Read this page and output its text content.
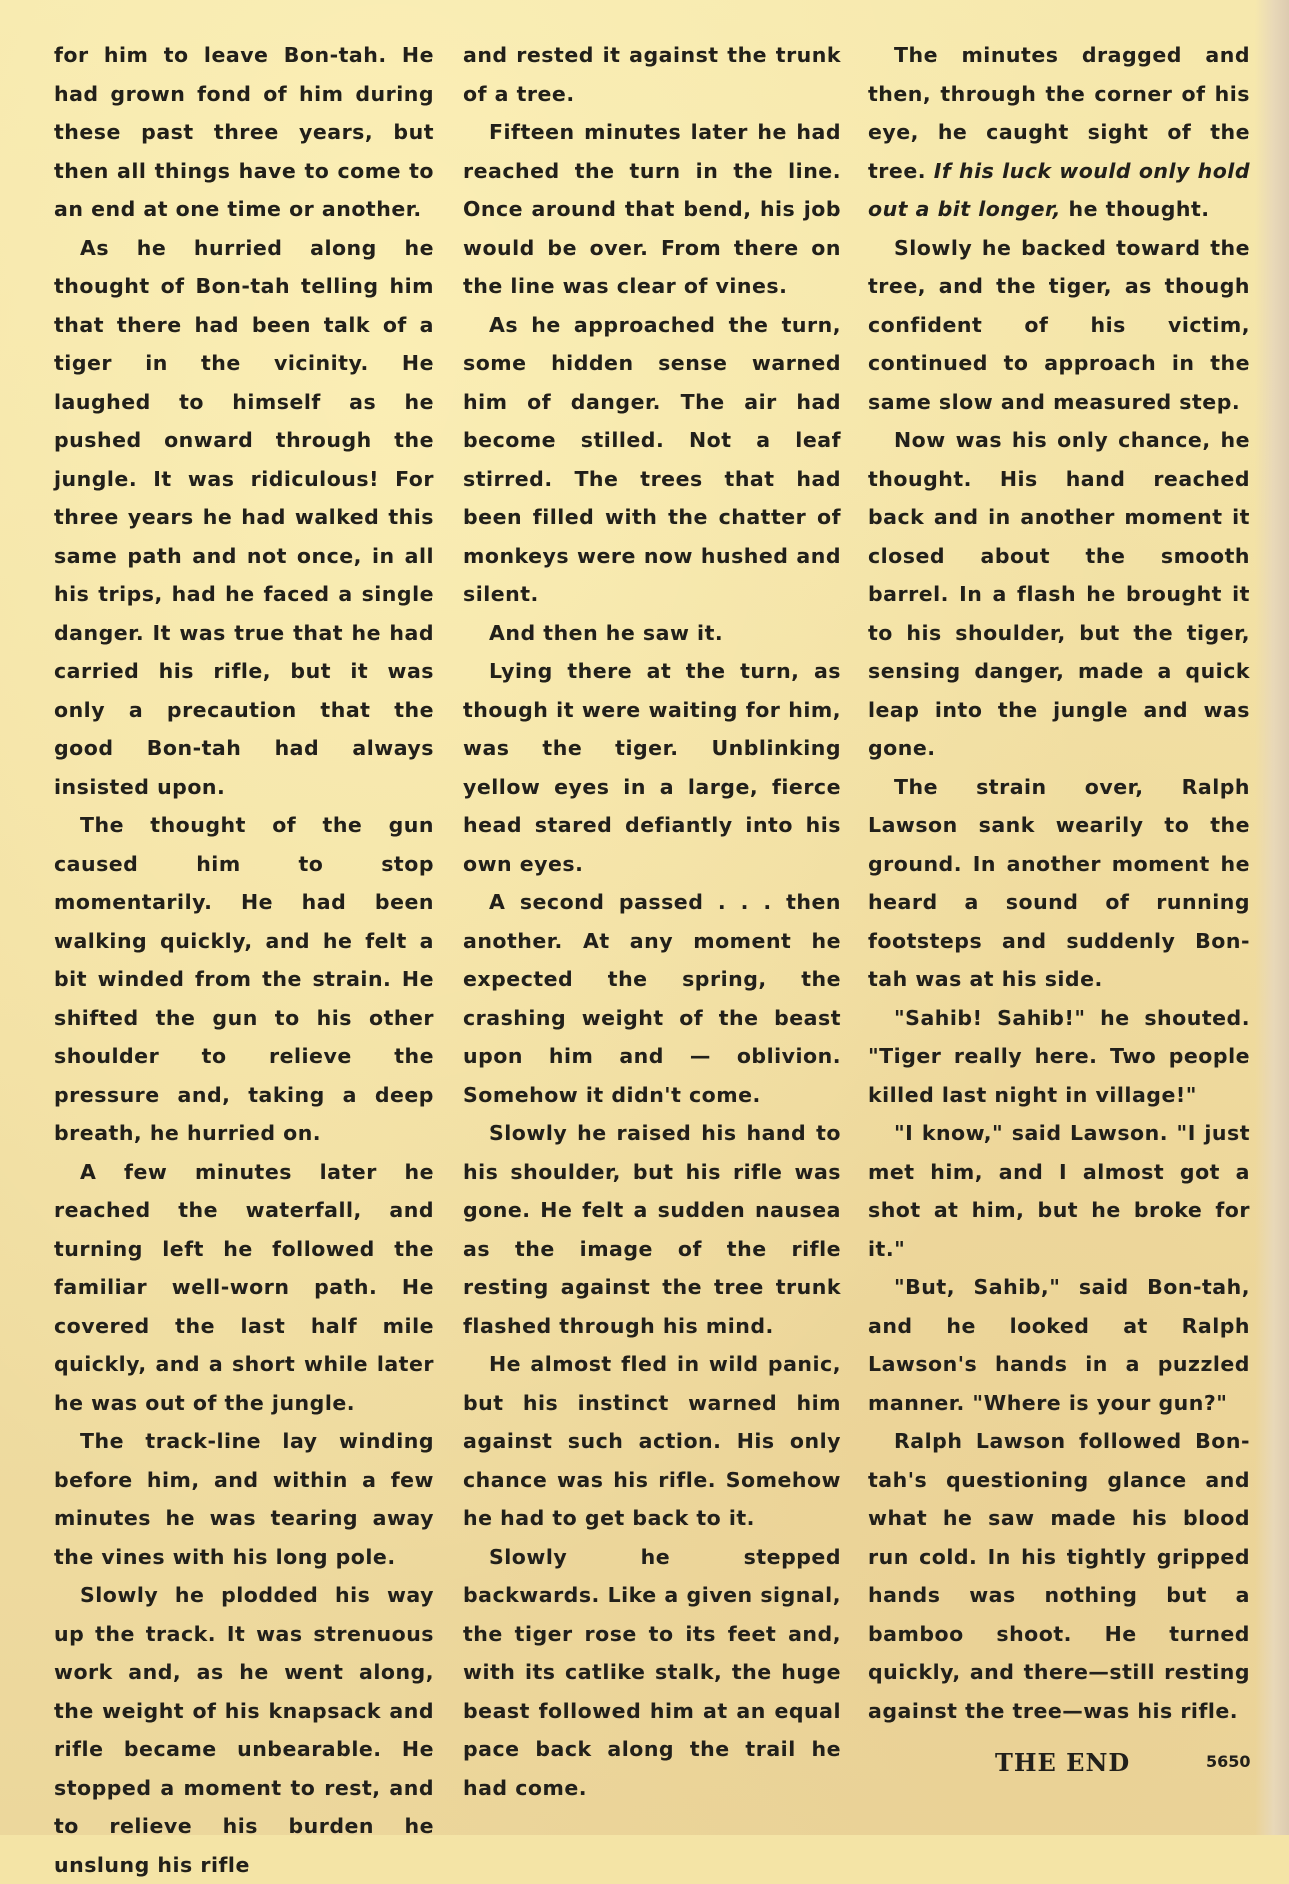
for him to leave Bon-tah. He had grown fond of him during these past three years, but then all things have to come to an end at one time or another.

As he hurried along he thought of Bon-tah telling him that there had been talk of a tiger in the vicinity. He laughed to himself as he pushed onward through the jungle. It was ridiculous! For three years he had walked this same path and not once, in all his trips, had he faced a single danger. It was true that he had carried his rifle, but it was only a precaution that the good Bon-tah had always insisted upon.

The thought of the gun caused him to stop momentarily. He had been walking quickly, and he felt a bit winded from the strain. He shifted the gun to his other shoulder to relieve the pressure and, taking a deep breath, he hurried on.

A few minutes later he reached the waterfall, and turning left he followed the familiar well-worn path. He covered the last half mile quickly, and a short while later he was out of the jungle.

The track-line lay winding before him, and within a few minutes he was tearing away the vines with his long pole.

Slowly he plodded his way up the track. It was strenuous work and, as he went along, the weight of his knapsack and rifle became unbearable. He stopped a moment to rest, and to relieve his burden he unslung his rifle

and rested it against the trunk of a tree.

Fifteen minutes later he had reached the turn in the line. Once around that bend, his job would be over. From there on the line was clear of vines.

As he approached the turn, some hidden sense warned him of danger. The air had become stilled. Not a leaf stirred. The trees that had been filled with the chatter of monkeys were now hushed and silent.

And then he saw it.

Lying there at the turn, as though it were waiting for him, was the tiger. Unblinking yellow eyes in a large, fierce head stared defiantly into his own eyes.

A second passed . . . then another. At any moment he expected the spring, the crashing weight of the beast upon him and — oblivion. Somehow it didn't come.

Slowly he raised his hand to his shoulder, but his rifle was gone. He felt a sudden nausea as the image of the rifle resting against the tree trunk flashed through his mind.

He almost fled in wild panic, but his instinct warned him against such action. His only chance was his rifle. Somehow he had to get back to it.

Slowly he stepped backwards. Like a given signal, the tiger rose to its feet and, with its catlike stalk, the huge beast followed him at an equal pace back along the trail he had come.

The minutes dragged and then, through the corner of his eye, he caught sight of the tree. If his luck would only hold out a bit longer, he thought.

Slowly he backed toward the tree, and the tiger, as though confident of his victim, continued to approach in the same slow and measured step.

Now was his only chance, he thought. His hand reached back and in another moment it closed about the smooth barrel. In a flash he brought it to his shoulder, but the tiger, sensing danger, made a quick leap into the jungle and was gone.

The strain over, Ralph Lawson sank wearily to the ground. In another moment he heard a sound of running footsteps and suddenly Bon-tah was at his side.

"Sahib! Sahib!" he shouted. "Tiger really here. Two people killed last night in village!"

"I know," said Lawson. "I just met him, and I almost got a shot at him, but he broke for it."

"But, Sahib," said Bon-tah, and he looked at Ralph Lawson's hands in a puzzled manner. "Where is your gun?"

Ralph Lawson followed Bon-tah's questioning glance and what he saw made his blood run cold. In his tightly gripped hands was nothing but a bamboo shoot. He turned quickly, and there—still resting against the tree—was his rifle.

THE END	5650
